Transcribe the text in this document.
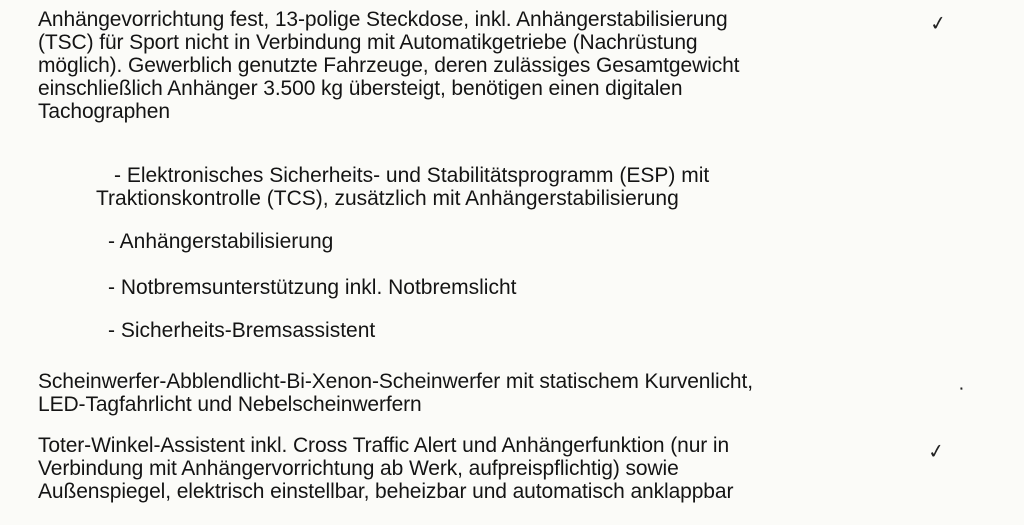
Anhängevorrichtung fest, 13-polige Steckdose, inkl. Anhängerstabilisierung
(TSC) für Sport nicht in Verbindung mit Automatikgetriebe (Nachrüstung
möglich). Gewerblich genutzte Fahrzeuge, deren zulässiges Gesamtgewicht
einschließlich Anhänger 3.500 kg übersteigt, benötigen einen digitalen
Tachographen

✓

- Elektronisches Sicherheits- und Stabilitätsprogramm (ESP) mit
Traktionskontrolle (TCS), zusätzlich mit Anhängerstabilisierung

- Anhängerstabilisierung

- Notbremsunterstützung inkl. Notbremslicht

- Sicherheits-Bremsassistent

Scheinwerfer-Abblendlicht-Bi-Xenon-Scheinwerfer mit statischem Kurvenlicht,
LED-Tagfahrlicht und Nebelscheinwerfern

·

Toter-Winkel-Assistent inkl. Cross Traffic Alert und Anhängerfunktion (nur in
Verbindung mit Anhängervorrichtung ab Werk, aufpreispflichtig) sowie
Außenspiegel, elektrisch einstellbar, beheizbar und automatisch anklappbar

✓
